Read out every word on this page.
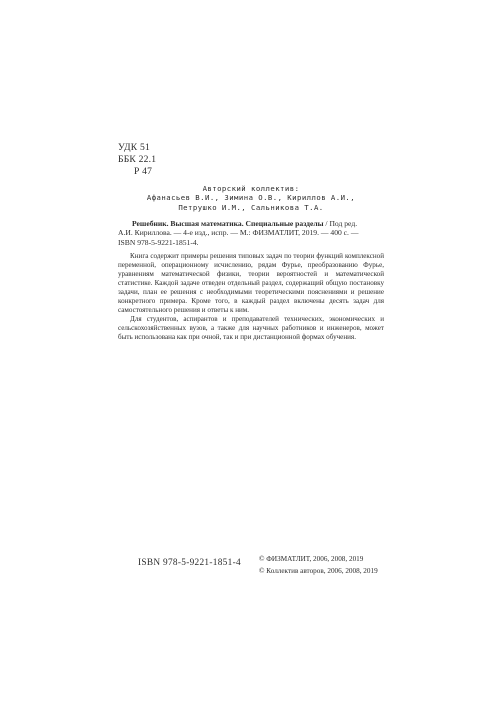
УДК 51
ББК 22.1
Р 47
Авторский коллектив:
Афанасьев В.И., Зимина О.В., Кириллов А.И.,
Петрушко И.М., Сальникова Т.А.
Решебник. Высшая математика. Специальные разделы / Под ред.
А.И. Кириллова. — 4-е изд., испр. — М.: ФИЗМАТЛИТ, 2019. — 400 с. —
ISBN 978-5-9221-1851-4.

Книга содержит примеры решения типовых задач по теории функций комплексной переменной, операционному исчислению, рядам Фурье, преобразованию Фурье, уравнениям математической физики, теории вероятностей и математической статистике. Каждой задаче отведен отдельный раздел, содержащий общую постановку задачи, план ее решения с необходимыми теоретическими пояснениями и решение конкретного примера. Кроме того, в каждый раздел включены десять задач для самостоятельного решения и ответы к ним.

Для студентов, аспирантов и преподавателей технических, экономических и сельскохозяйственных вузов, а также для научных работников и инженеров, может быть использована как при очной, так и при дистанционной формах обучения.

ISBN 978-5-9221-1851-4	© ФИЗМАТЛИТ, 2006, 2008, 2019
© Коллектив авторов, 2006, 2008, 2019
